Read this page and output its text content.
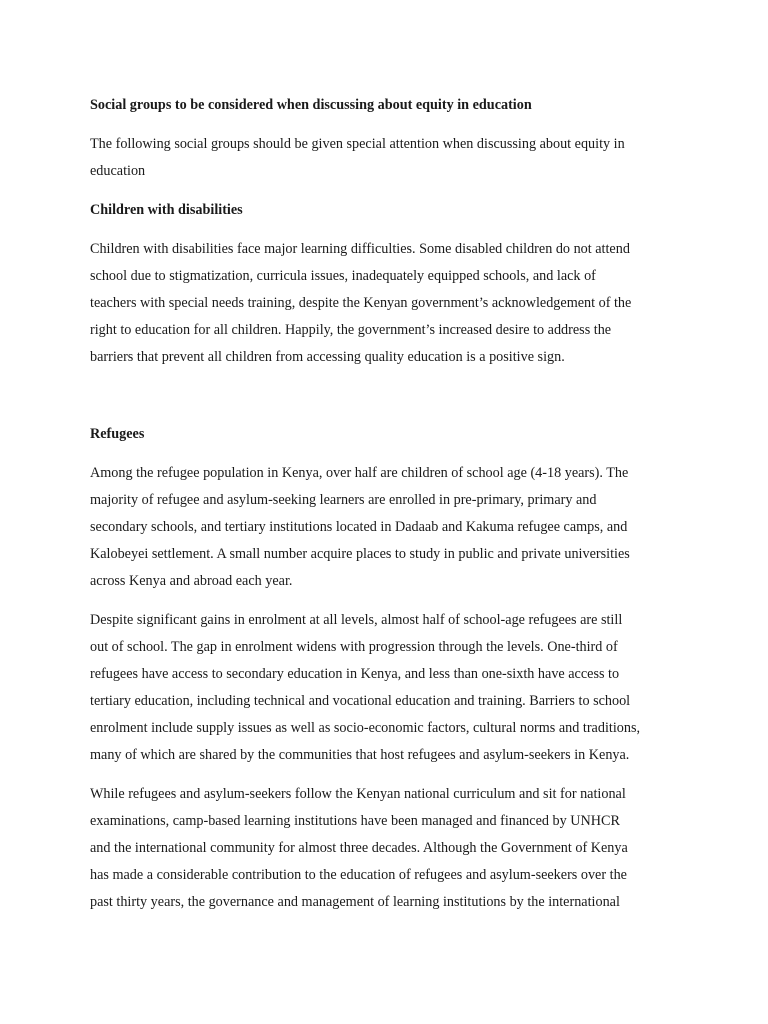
Social groups to be considered when discussing about equity in education
The following social groups should be given special attention when discussing about equity in
education
Children with disabilities
Children with disabilities face major learning difficulties. Some disabled children do not attend
school due to stigmatization, curricula issues, inadequately equipped schools, and lack of
teachers with special needs training, despite the Kenyan government’s acknowledgement of the
right to education for all children. Happily, the government’s increased desire to address the
barriers that prevent all children from accessing quality education is a positive sign.
Refugees
Among the refugee population in Kenya, over half are children of school age (4-18 years). The
majority of refugee and asylum-seeking learners are enrolled in pre-primary, primary and
secondary schools, and tertiary institutions located in Dadaab and Kakuma refugee camps, and
Kalobeyei settlement. A small number acquire places to study in public and private universities
across Kenya and abroad each year.
Despite significant gains in enrolment at all levels, almost half of school-age refugees are still
out of school. The gap in enrolment widens with progression through the levels. One-third of
refugees have access to secondary education in Kenya, and less than one-sixth have access to
tertiary education, including technical and vocational education and training. Barriers to school
enrolment include supply issues as well as socio-economic factors, cultural norms and traditions,
many of which are shared by the communities that host refugees and asylum-seekers in Kenya.
While refugees and asylum-seekers follow the Kenyan national curriculum and sit for national
examinations, camp-based learning institutions have been managed and financed by UNHCR
and the international community for almost three decades. Although the Government of Kenya
has made a considerable contribution to the education of refugees and asylum-seekers over the
past thirty years, the governance and management of learning institutions by the international
